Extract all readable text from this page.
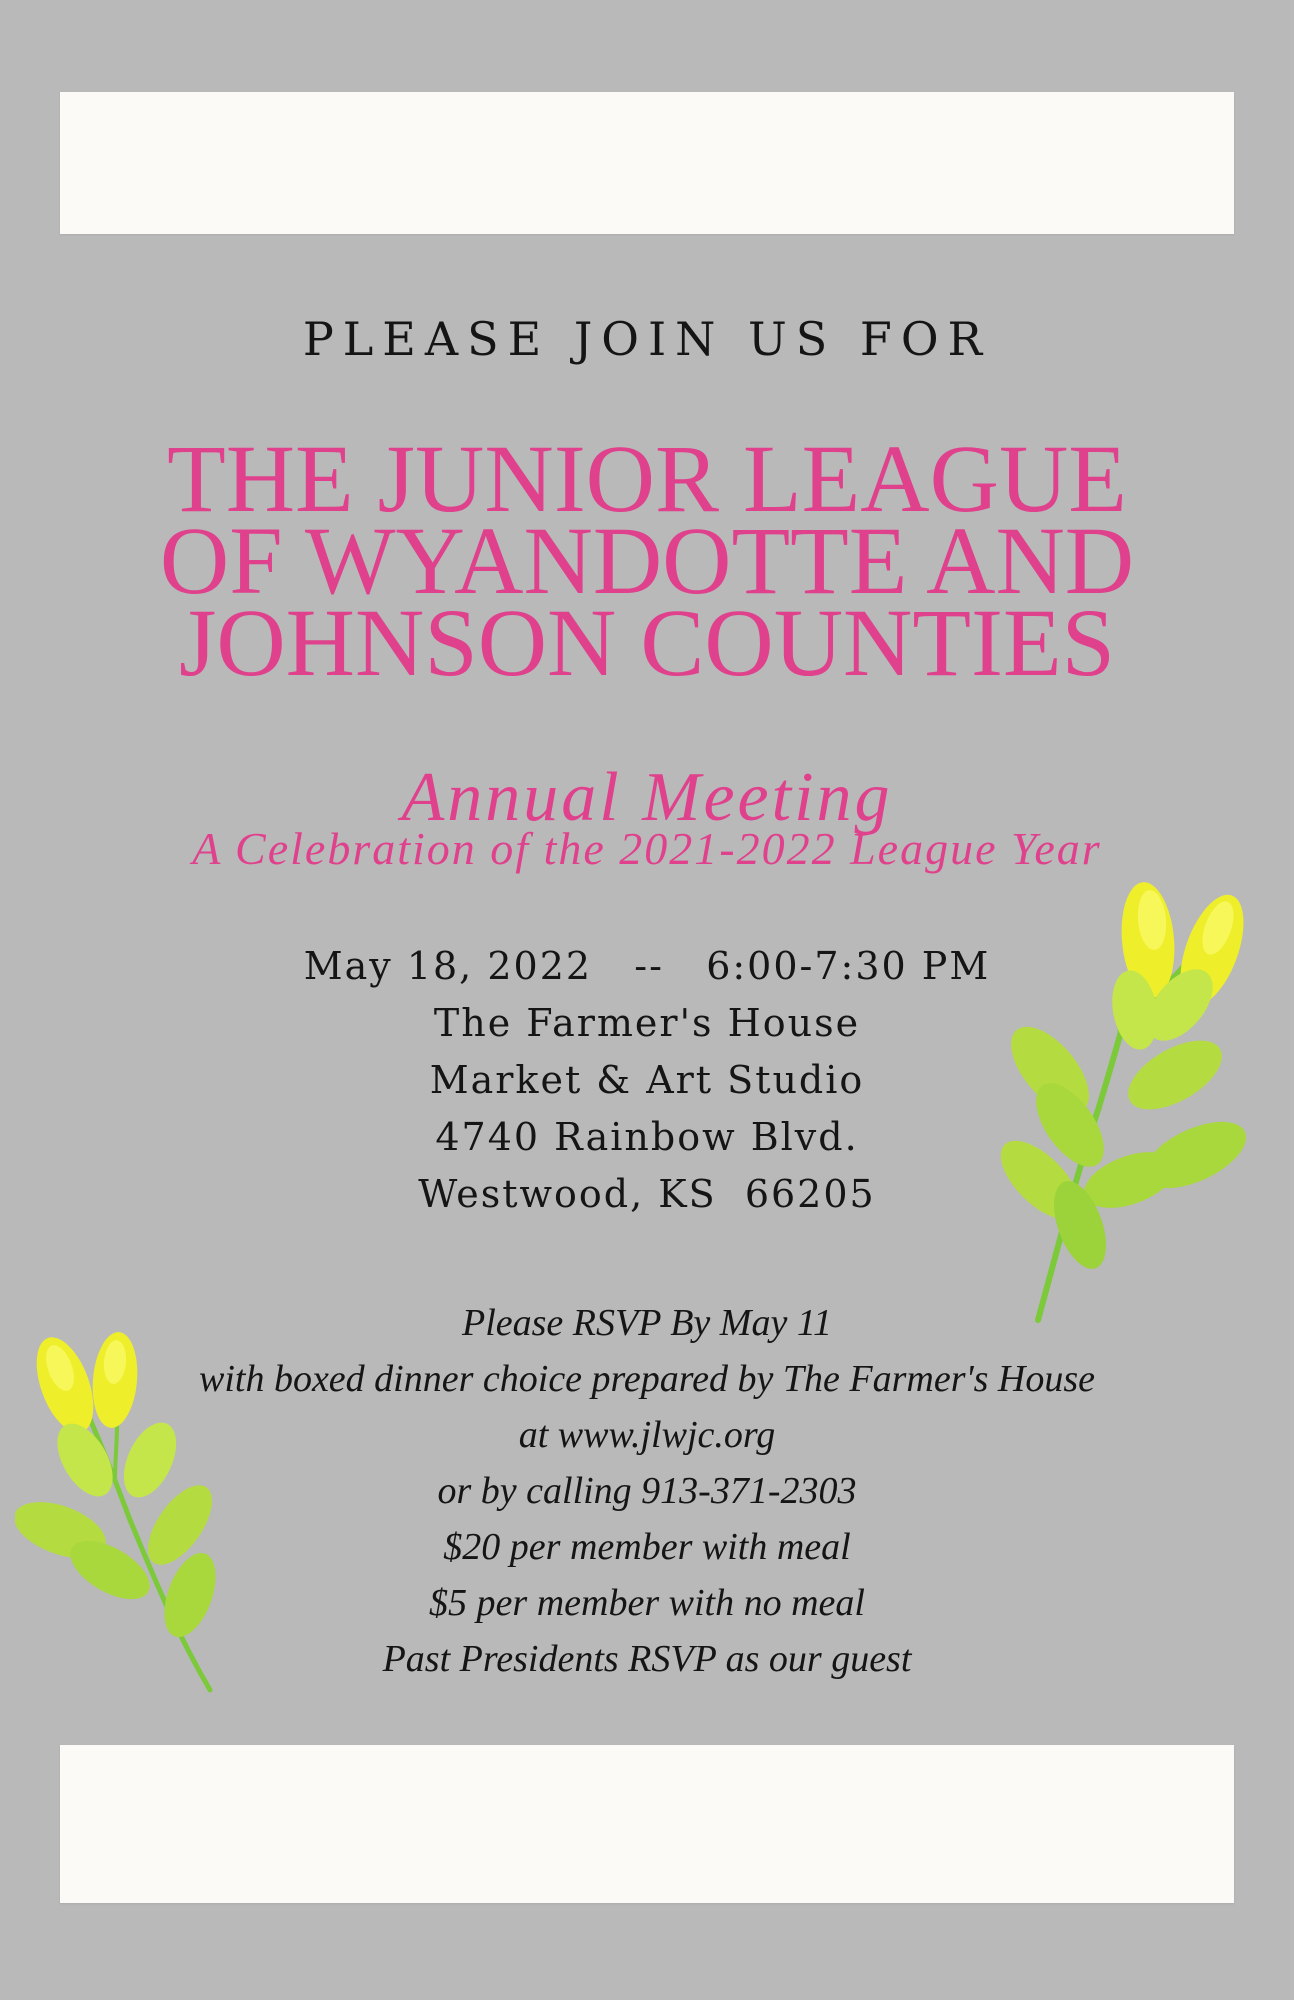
PLEASE JOIN US FOR
THE JUNIOR LEAGUE
OF WYANDOTTE AND
JOHNSON COUNTIES
Annual Meeting
A Celebration of the 2021-2022 League Year
May 18, 2022   --   6:00-7:30 PM
The Farmer's House
Market & Art Studio
4740 Rainbow Blvd.
Westwood, KS  66205
Please RSVP By May 11
with boxed dinner choice prepared by The Farmer's House
at www.jlwjc.org
or by calling 913-371-2303
$20 per member with meal
$5 per member with no meal
Past Presidents RSVP as our guest
